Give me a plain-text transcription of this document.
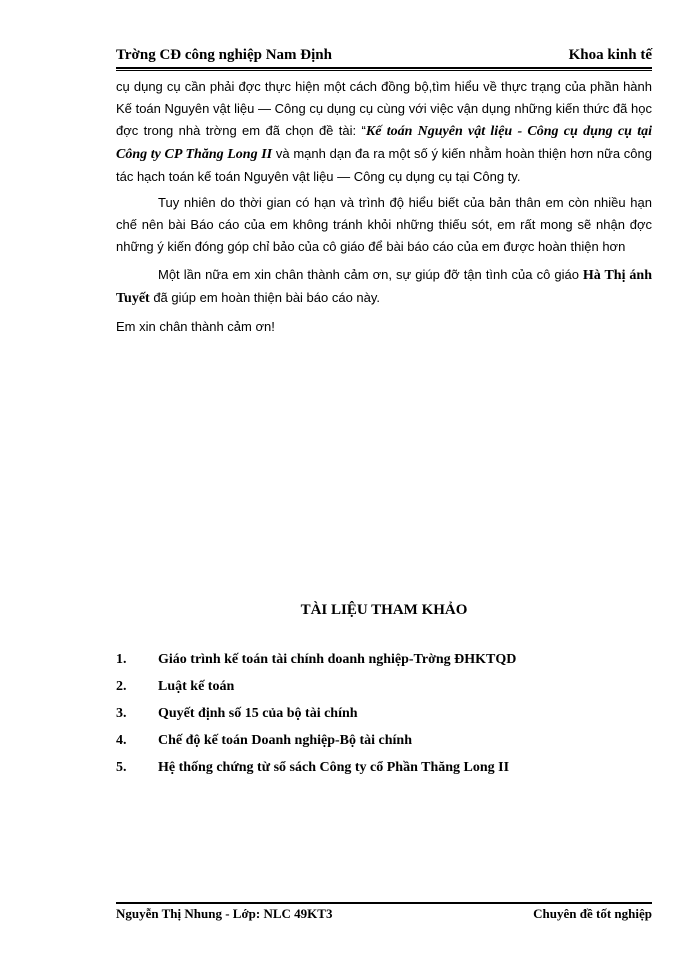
Trờng CĐ công nghiệp Nam Định	Khoa kinh tế

cụ dụng cụ cần phải đợc thực hiện một cách đồng bộ,tìm hiểu về thực trạng của phần hành Kế toán Nguyên vật liệu — Công cụ dụng cụ cùng với việc vận dụng những kiến thức đã học đợc trong nhà trờng em đã chọn đề tài: “Kế toán Nguyên vật liệu - Công cụ dụng cụ tại Công ty CP Thăng Long II và mạnh dạn đa ra một số ý kiến nhằm hoàn thiện hơn nữa công tác hạch toán kế toán Nguyên vật liệu — Công cụ dụng cụ tại Công ty.

Tuy nhiên do thời gian có hạn và trình độ hiểu biết của bản thân em còn nhiều hạn chế nên bài Báo cáo của em không tránh khỏi những thiếu sót, em rất mong sẽ nhận đợc những ý kiến đóng góp chỉ bảo của cô giáo để bài báo cáo của em được hoàn thiện hơn

Một lần nữa em xin chân thành cảm ơn, sự giúp đỡ tận tình của cô giáo Hà Thị ánh Tuyết đã giúp em hoàn thiện bài báo cáo này.

Em xin chân thành cảm ơn!

TÀI LIỆU THAM KHẢO
1. Giáo trình kế toán tài chính doanh nghiệp-Trờng ĐHKTQD
2. Luật kế toán
3. Quyết định số 15 của bộ tài chính
4. Chế độ kế toán Doanh nghiệp-Bộ tài chính
5. Hệ thống chứng từ sổ sách Công ty cổ Phần Thăng Long II
Nguyễn Thị Nhung - Lớp: NLC 49KT3	Chuyên đề tốt nghiệp
